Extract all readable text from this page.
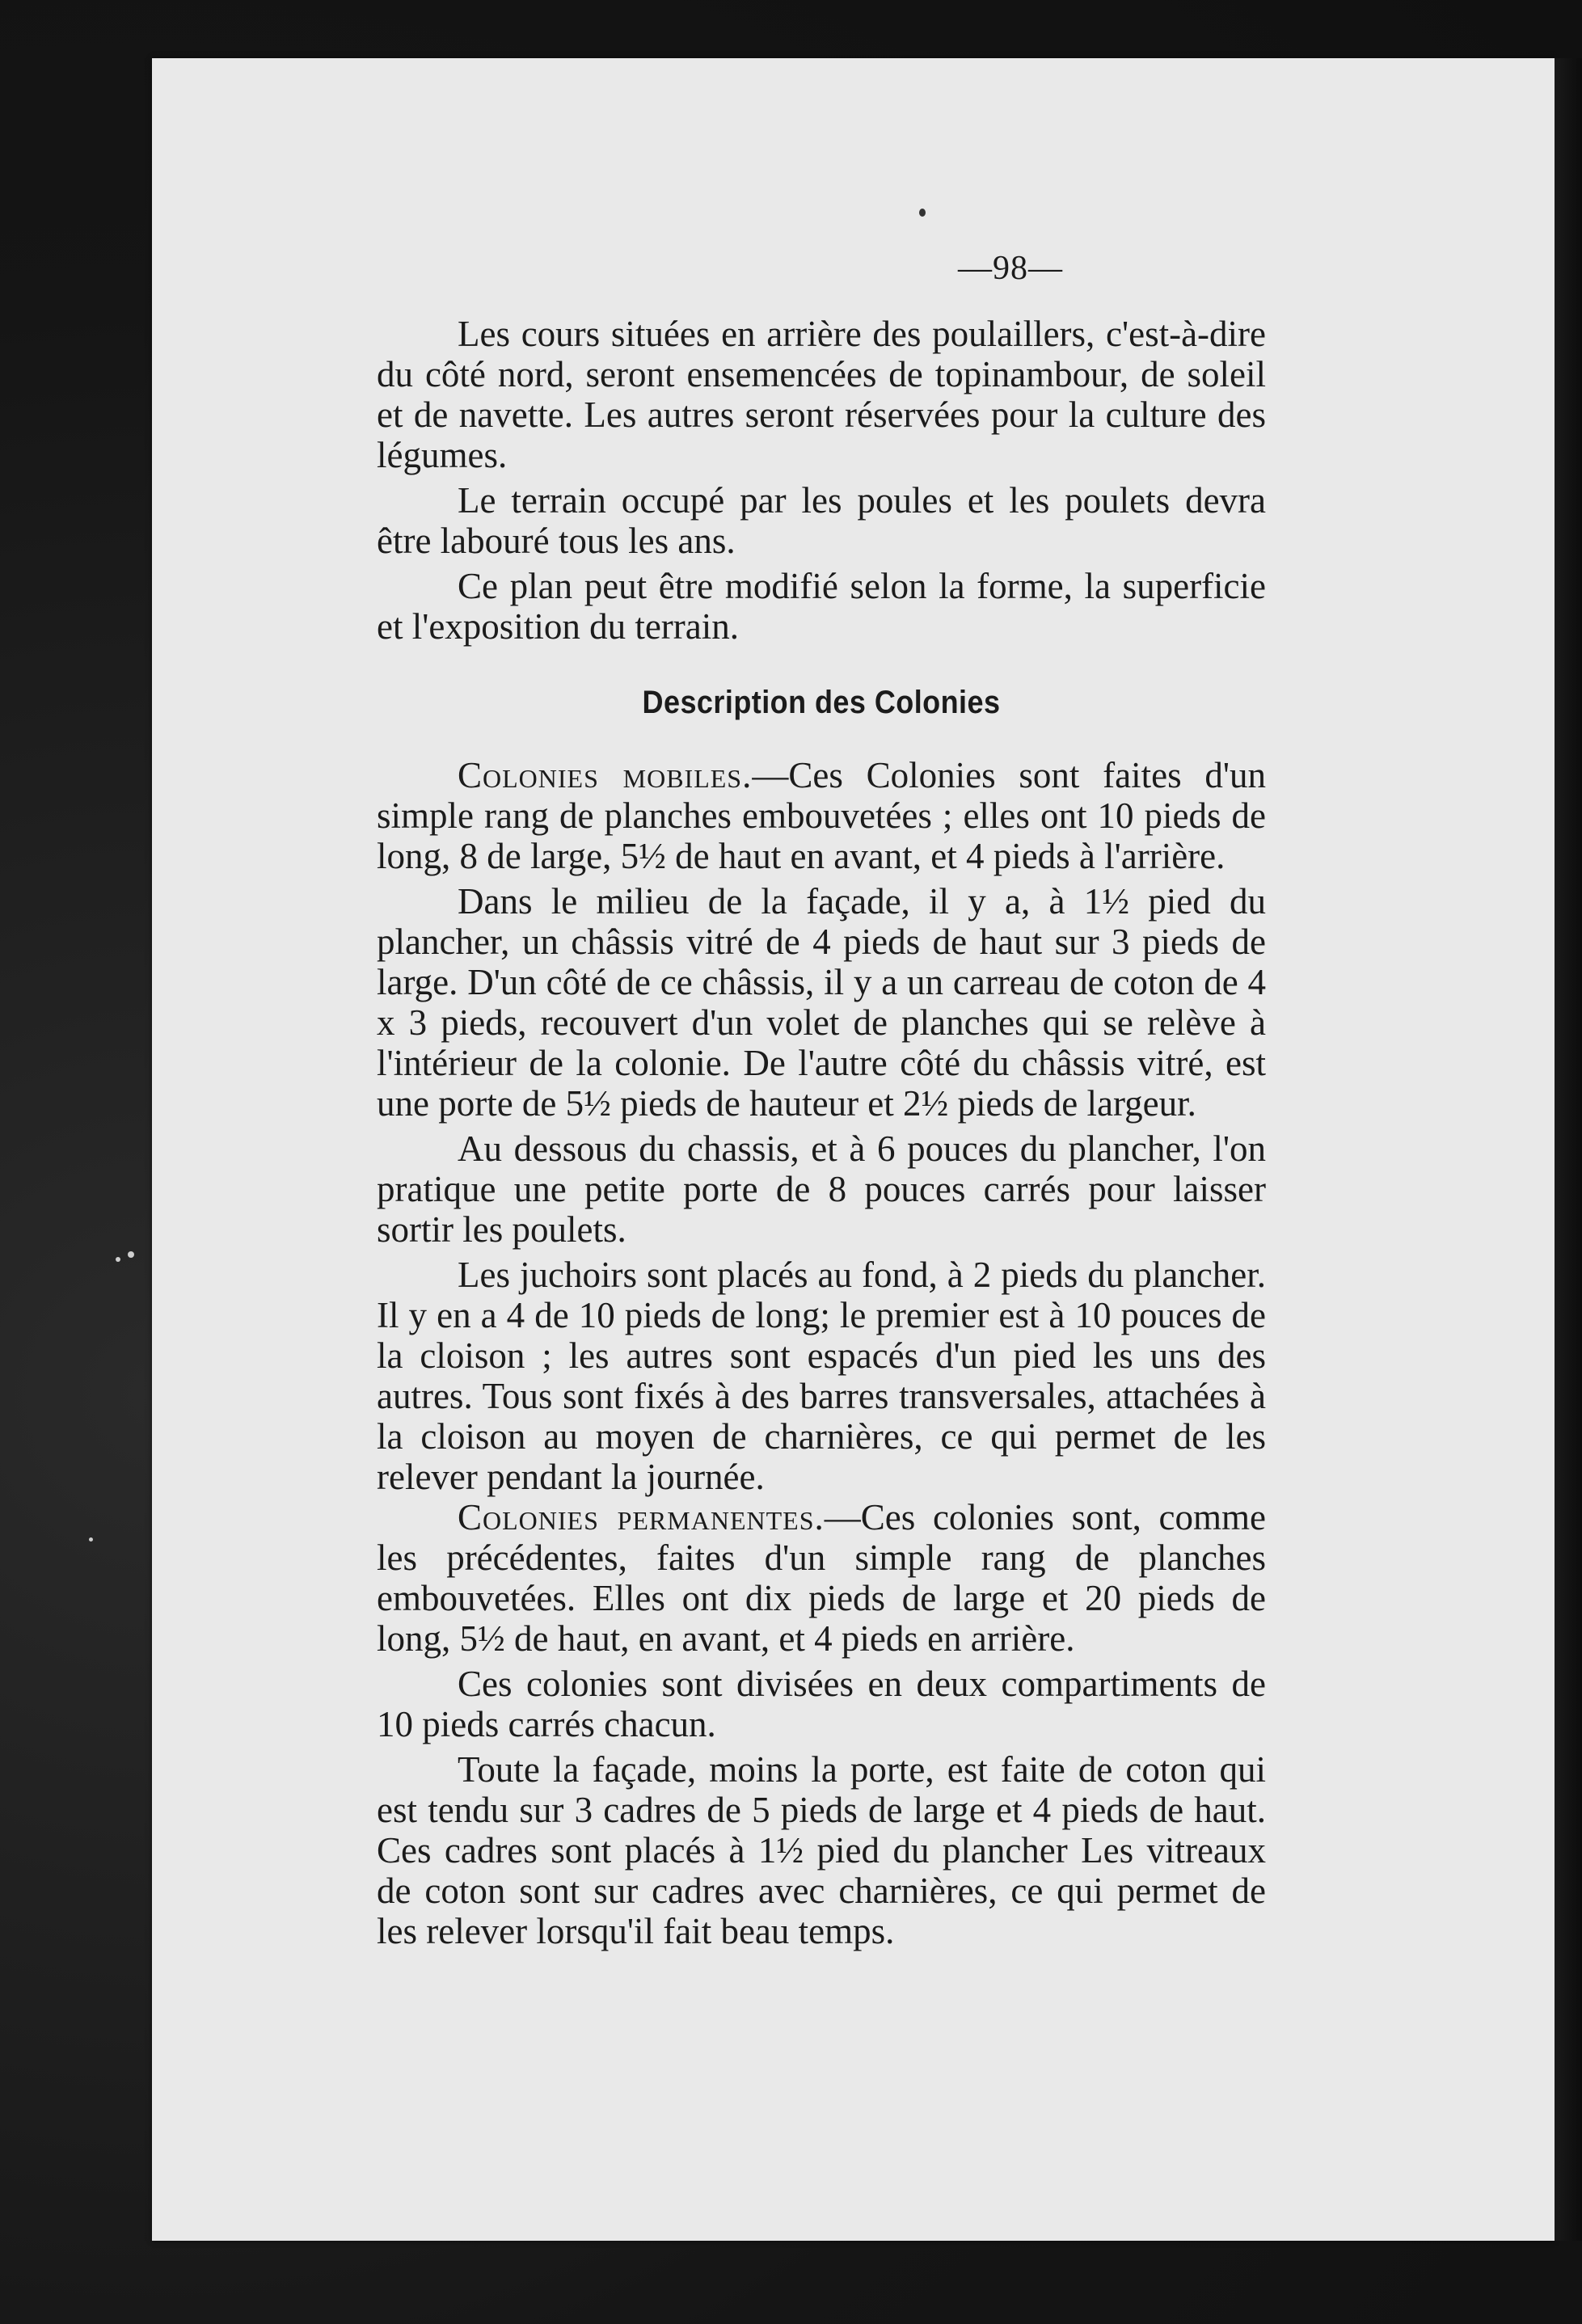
—98—

Les cours situées en arrière des poulaillers, c'est-à-dire du côté nord, seront ensemencées de topinambour, de soleil et de navette. Les autres seront réservées pour la culture des légumes.

Le terrain occupé par les poules et les poulets devra être labouré tous les ans.

Ce plan peut être modifié selon la forme, la superficie et l'exposition du terrain.

Description des Colonies

Colonies mobiles.—Ces Colonies sont faites d'un simple rang de planches embouvetées ; elles ont 10 pieds de long, 8 de large, 5½ de haut en avant, et 4 pieds à l'arrière.

Dans le milieu de la façade, il y a, à 1½ pied du plancher, un châssis vitré de 4 pieds de haut sur 3 pieds de large. D'un côté de ce châssis, il y a un carreau de coton de 4 x 3 pieds, recouvert d'un volet de planches qui se relève à l'intérieur de la colonie. De l'autre côté du châssis vitré, est une porte de 5½ pieds de hauteur et 2½ pieds de largeur.

Au dessous du chassis, et à 6 pouces du plancher, l'on pratique une petite porte de 8 pouces carrés pour laisser sortir les poulets.

Les juchoirs sont placés au fond, à 2 pieds du plancher. Il y en a 4 de 10 pieds de long; le premier est à 10 pouces de la cloison ; les autres sont espacés d'un pied les uns des autres. Tous sont fixés à des barres transversales, attachées à la cloison au moyen de charnières, ce qui permet de les relever pendant la journée.

Colonies permanentes.—Ces colonies sont, comme les précédentes, faites d'un simple rang de planches embouvetées. Elles ont dix pieds de large et 20 pieds de long, 5½ de haut, en avant, et 4 pieds en arrière.

Ces colonies sont divisées en deux compartiments de 10 pieds carrés chacun.

Toute la façade, moins la porte, est faite de coton qui est tendu sur 3 cadres de 5 pieds de large et 4 pieds de haut. Ces cadres sont placés à 1½ pied du plancher Les vitreaux de coton sont sur cadres avec charnières, ce qui permet de les relever lorsqu'il fait beau temps.
